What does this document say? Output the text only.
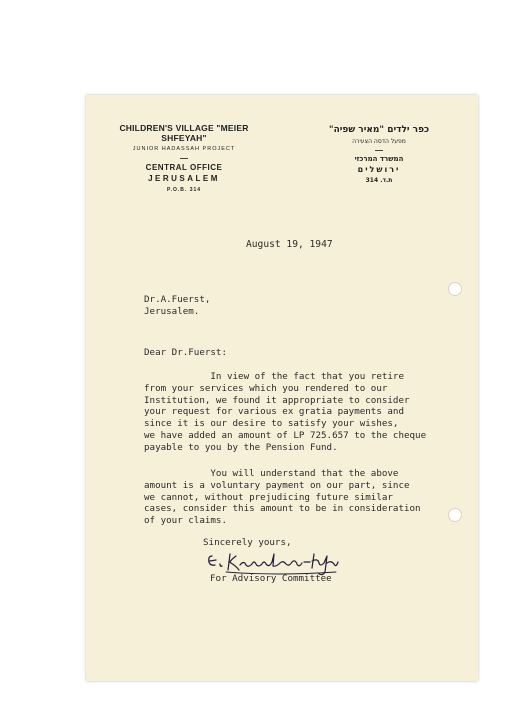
CHILDREN'S VILLAGE "MEIER SHFEYAH"
JUNIOR HADASSAH PROJECT
CENTRAL OFFICE
JERUSALEM
P.O.B. 314
כפר ילדים "מאיר שפיה"
מפעל הדסה הצעירה
המשרד המרכזי
ירושלים
ת.ד. 314
August 19, 1947
Dr.A.Fuerst,
Jerusalem.
Dear Dr.Fuerst:
In view of the fact that you retire
from your services which you rendered to our
Institution, we found it appropriate to consider
your request for various ex gratia payments and
since it is our desire to satisfy your wishes,
we have added an amount of LP 725.657 to the cheque
payable to you by the Pension Fund.
You will understand that the above
amount is a voluntary payment on our part, since
we cannot, without prejudicing future similar
cases, consider this amount to be in consideration
of your claims.
Sincerely yours,
For Advisory Committee
